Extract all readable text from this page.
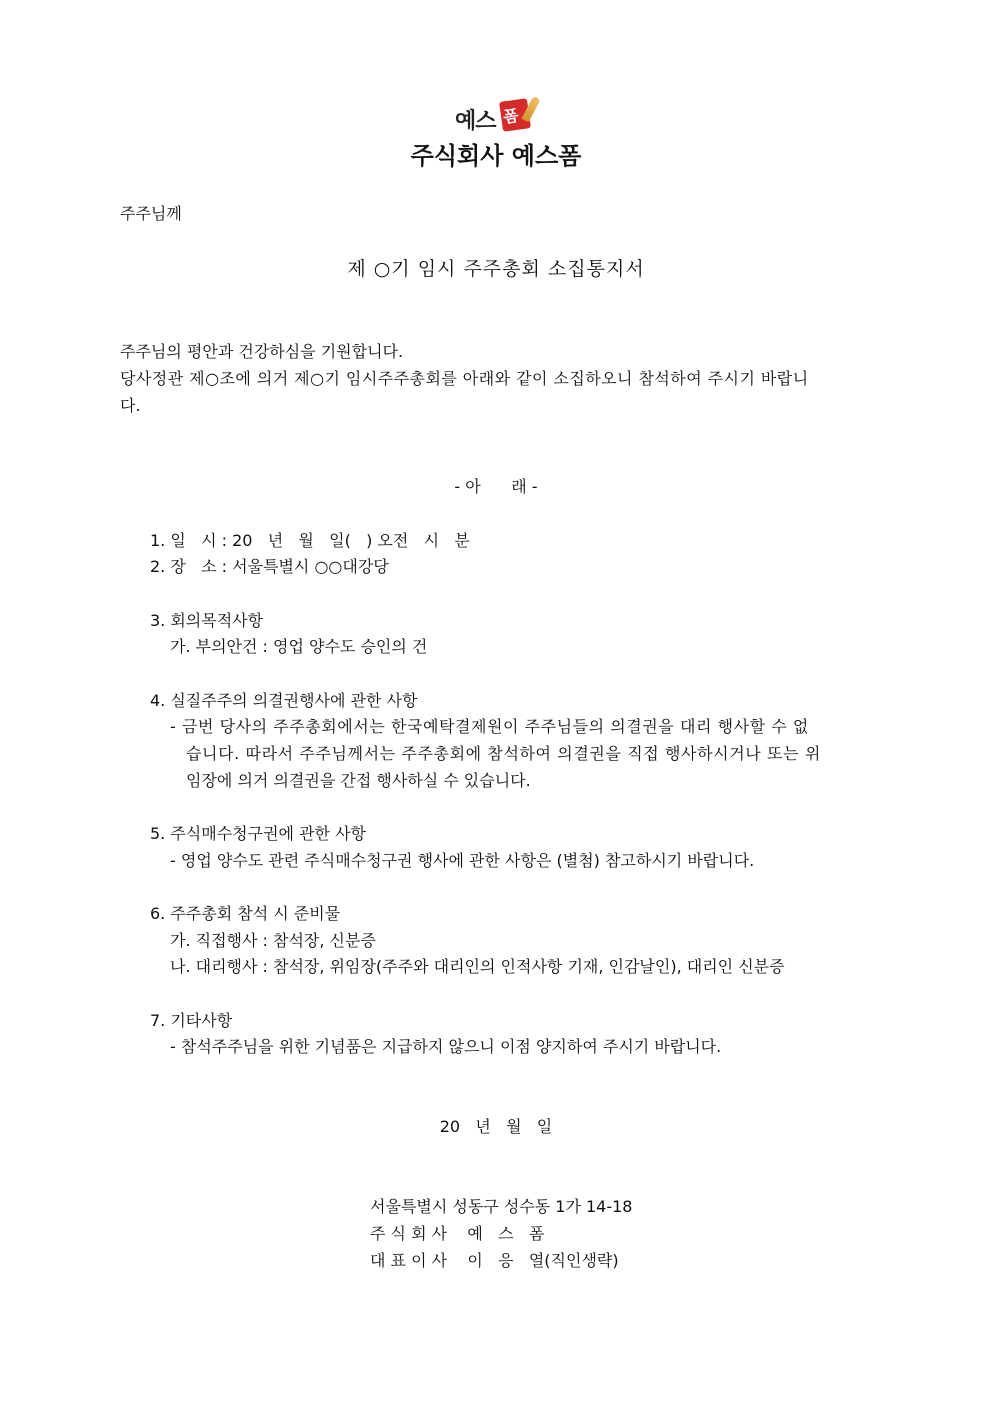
예스 폼
주식회사 예스폼
주주님께
제 ○기 임시 주주총회 소집통지서
주주님의 평안과 건강하심을 기원합니다.
당사정관 제○조에 의거 제○기 임시주주총회를 아래와 같이 소집하오니 참석하여 주시기 바랍니
다.
- 아      래 -
1. 일   시 : 20   년   월   일(   ) 오전   시   분
2. 장   소 : 서울특별시 ○○대강당
3. 회의목적사항
가. 부의안건 : 영업 양수도 승인의 건
4. 실질주주의 의결권행사에 관한 사항
- 금번 당사의 주주총회에서는 한국예탁결제원이 주주님들의 의결권을 대리 행사할 수 없
습니다. 따라서 주주님께서는 주주총회에 참석하여 의결권을 직접 행사하시거나 또는 위
임장에 의거 의결권을 간접 행사하실 수 있습니다.
5. 주식매수청구권에 관한 사항
- 영업 양수도 관련 주식매수청구권 행사에 관한 사항은 (별첨) 참고하시기 바랍니다.
6. 주주총회 참석 시 준비물
가. 직접행사 : 참석장, 신분증
나. 대리행사 : 참석장, 위임장(주주와 대리인의 인적사항 기재, 인감날인), 대리인 신분증
7. 기타사항
- 참석주주님을 위한 기념품은 지급하지 않으니 이점 양지하여 주시기 바랍니다.
20   년   월   일
서울특별시 성동구 성수동 1가 14-18
주 식 회 사    예   스   폼
대 표 이 사    이   응   열(직인생략)
